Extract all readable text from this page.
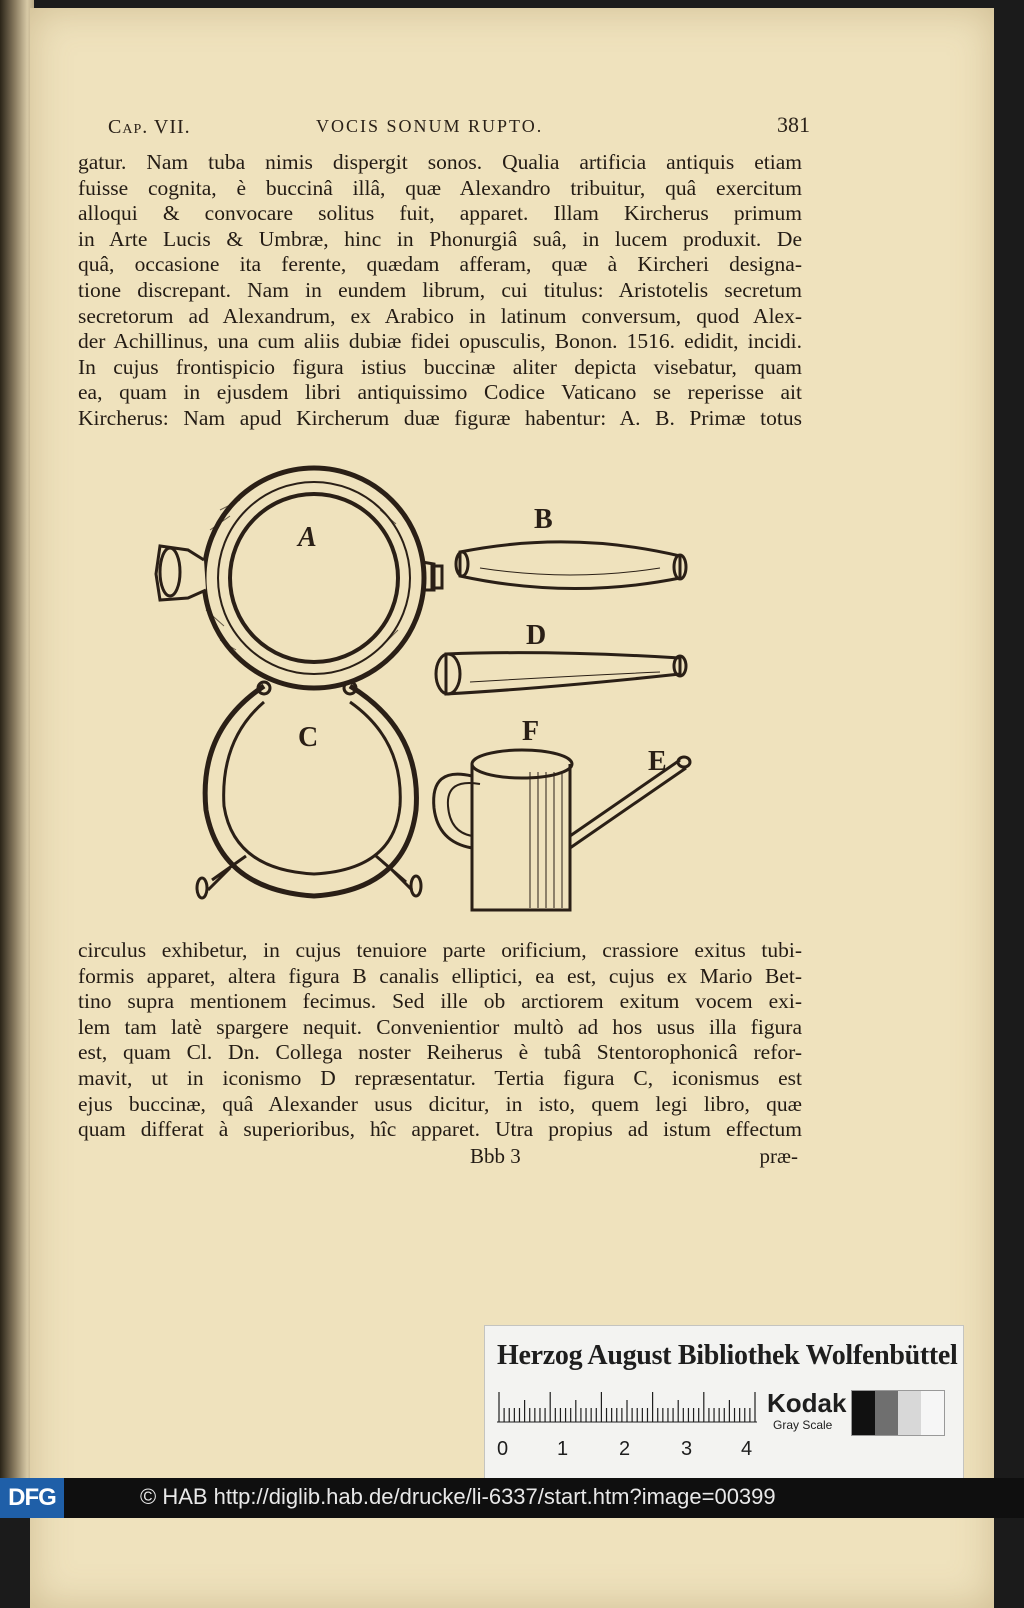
Cap. VII.	VOCIS SONUM RUPTO.	381
gatur. Nam tuba nimis dispergit sonos. Qualia artificia antiquis etiam
fuisse cognita, è buccinâ illâ, quæ Alexandro tribuitur, quâ exercitum
alloqui & convocare solitus fuit, apparet. Illam Kircherus primum
in Arte Lucis & Umbræ, hinc in Phonurgiâ suâ, in lucem produxit. De
quâ, occasione ita ferente, quædam afferam, quæ à Kircheri designa-
tione discrepant. Nam in eundem librum, cui titulus: Aristotelis secretum
secretorum ad Alexandrum, ex Arabico in latinum conversum, quod Alex-
der Achillinus, una cum aliis dubiæ fidei opusculis, Bonon. 1516. edidit, incidi.
In cujus frontispicio figura istius buccinæ aliter depicta visebatur, quam
ea, quam in ejusdem libri antiquissimo Codice Vaticano se reperisse ait
Kircherus: Nam apud Kircherum duæ figuræ habentur: A. B. Primæ totus
A
B
D
C	F
E
circulus exhibetur, in cujus tenuiore parte orificium, crassiore exitus tubi-
formis apparet, altera figura B canalis elliptici, ea est, cujus ex Mario Bet-
tino supra mentionem fecimus. Sed ille ob arctiorem exitum vocem exi-
lem tam latè spargere nequit. Convenientior multò ad hos usus illa figura
est, quam Cl. Dn. Collega noster Reiherus è tubâ Stentorophonicâ refor-
mavit, ut in iconismo D repræsentatur. Tertia figura C, iconismus est
ejus buccinæ, quâ Alexander usus dicitur, in isto, quem legi libro, quæ
quam differat à superioribus, hîc apparet. Utra propius ad istum effectum
Bbb 3	præ-
Herzog August Bibliothek Wolfenbüttel
0 1	2	3 4
Kodak
Gray Scale
DFG	© HAB http://diglib.hab.de/drucke/li-6337/start.htm?image=00399
